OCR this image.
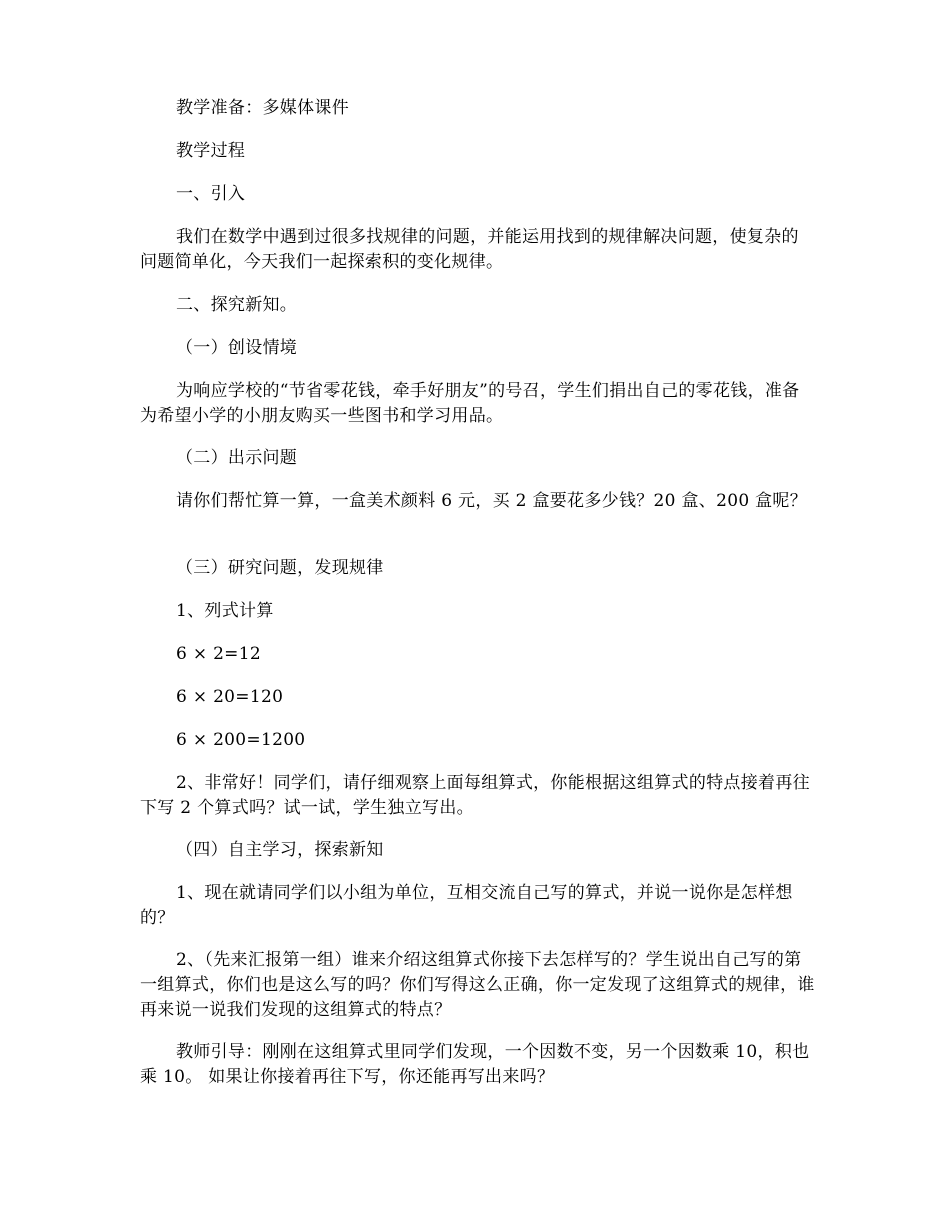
教学准备：多媒体课件

教学过程

一、引入

我们在数学中遇到过很多找规律的问题，并能运用找到的规律解决问题，使复杂的问题简单化，今天我们一起探索积的变化规律。

二、探究新知。

（一）创设情境

为响应学校的“节省零花钱，牵手好朋友”的号召，学生们捐出自己的零花钱，准备为希望小学的小朋友购买一些图书和学习用品。

（二）出示问题

请你们帮忙算一算，一盒美术颜料 6 元，买 2 盒要花多少钱？20 盒、200 盒呢？

（三）研究问题，发现规律

1、列式计算

6 × 2=12

6 × 20=120

6 × 200=1200

2、非常好！同学们，请仔细观察上面每组算式，你能根据这组算式的特点接着再往下写 2 个算式吗？试一试，学生独立写出。

（四）自主学习，探索新知

1、现在就请同学们以小组为单位，互相交流自己写的算式，并说一说你是怎样想的？

2、（先来汇报第一组）谁来介绍这组算式你接下去怎样写的？学生说出自己写的第一组算式，你们也是这么写的吗？你们写得这么正确，你一定发现了这组算式的规律，谁再来说一说我们发现的这组算式的特点？

教师引导：刚刚在这组算式里同学们发现，一个因数不变，另一个因数乘 10，积也乘 10。 如果让你接着再往下写，你还能再写出来吗？
